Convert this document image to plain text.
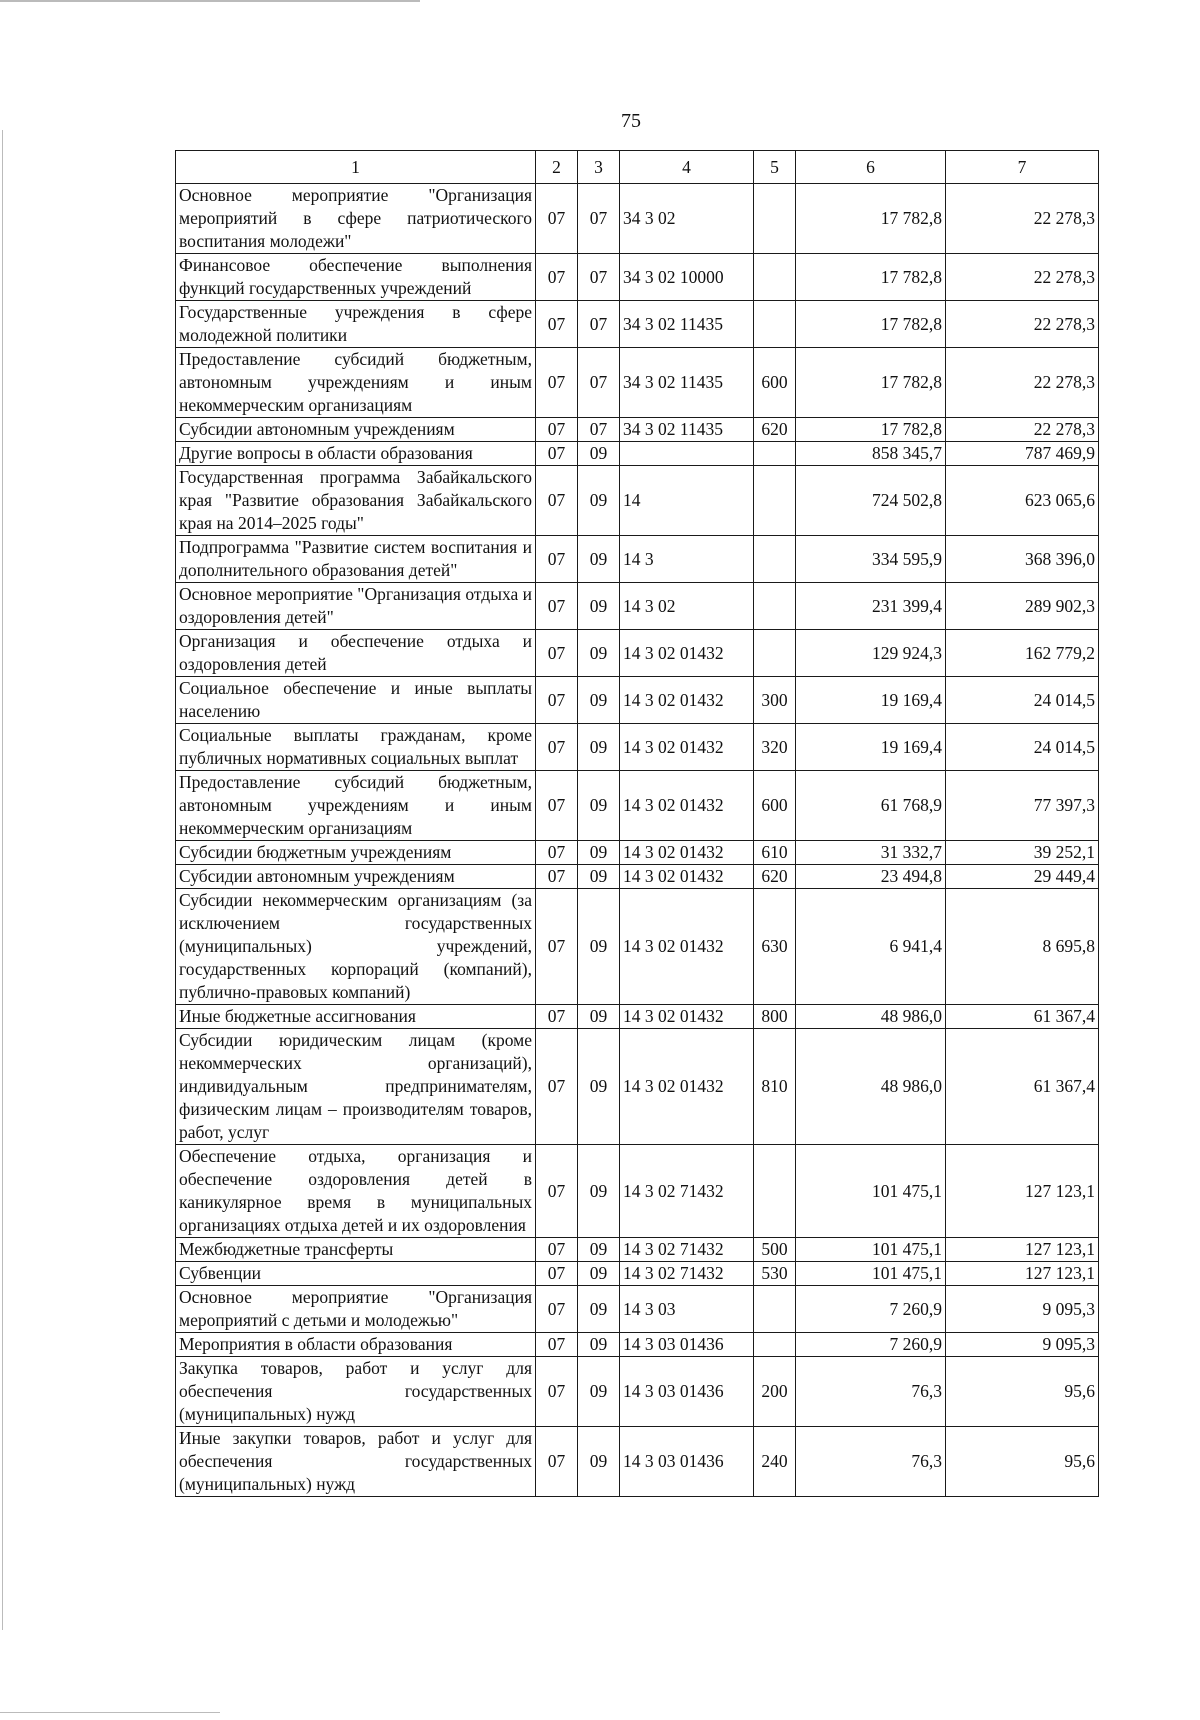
75
1	2	3	4	5	6	7
Основное мероприятие "Организация мероприятий в сфере патриотического воспитания молодежи"	07	07	34 3 02		17 782,8	22 278,3
Финансовое обеспечение выполнения функций государственных учреждений	07	07	34 3 02 10000		17 782,8	22 278,3
Государственные учреждения в сфере молодежной политики	07	07	34 3 02 11435		17 782,8	22 278,3
Предоставление субсидий бюджетным, автономным учреждениям и иным некоммерческим организациям	07	07	34 3 02 11435	600	17 782,8	22 278,3
Субсидии автономным учреждениям	07	07	34 3 02 11435	620	17 782,8	22 278,3
Другие вопросы в области образования	07	09			858 345,7	787 469,9
Государственная программа Забайкальского края "Развитие образования Забайкальского края на 2014–2025 годы"	07	09	14		724 502,8	623 065,6
Подпрограмма "Развитие систем воспитания и дополнительного образования детей"	07	09	14 3		334 595,9	368 396,0
Основное мероприятие "Организация отдыха и оздоровления детей"	07	09	14 3 02		231 399,4	289 902,3
Организация и обеспечение отдыха и оздоровления детей	07	09	14 3 02 01432		129 924,3	162 779,2
Социальное обеспечение и иные выплаты населению	07	09	14 3 02 01432	300	19 169,4	24 014,5
Социальные выплаты гражданам, кроме публичных нормативных социальных выплат	07	09	14 3 02 01432	320	19 169,4	24 014,5
Предоставление субсидий бюджетным, автономным учреждениям и иным некоммерческим организациям	07	09	14 3 02 01432	600	61 768,9	77 397,3
Субсидии бюджетным учреждениям	07	09	14 3 02 01432	610	31 332,7	39 252,1
Субсидии автономным учреждениям	07	09	14 3 02 01432	620	23 494,8	29 449,4
Субсидии некоммерческим организациям (за исключением государственных (муниципальных) учреждений, государственных корпораций (компаний), публично-правовых компаний)	07	09	14 3 02 01432	630	6 941,4	8 695,8
Иные бюджетные ассигнования	07	09	14 3 02 01432	800	48 986,0	61 367,4
Субсидии юридическим лицам (кроме некоммерческих организаций), индивидуальным предпринимателям, физическим лицам – производителям товаров, работ, услуг	07	09	14 3 02 01432	810	48 986,0	61 367,4
Обеспечение отдыха, организация и обеспечение оздоровления детей в каникулярное время в муниципальных организациях отдыха детей и их оздоровления	07	09	14 3 02 71432		101 475,1	127 123,1
Межбюджетные трансферты	07	09	14 3 02 71432	500	101 475,1	127 123,1
Субвенции	07	09	14 3 02 71432	530	101 475,1	127 123,1
Основное мероприятие "Организация мероприятий с детьми и молодежью"	07	09	14 3 03		7 260,9	9 095,3
Мероприятия в области образования	07	09	14 3 03 01436		7 260,9	9 095,3
Закупка товаров, работ и услуг для обеспечения государственных (муниципальных) нужд	07	09	14 3 03 01436	200	76,3	95,6
Иные закупки товаров, работ и услуг для обеспечения государственных (муниципальных) нужд	07	09	14 3 03 01436	240	76,3	95,6
